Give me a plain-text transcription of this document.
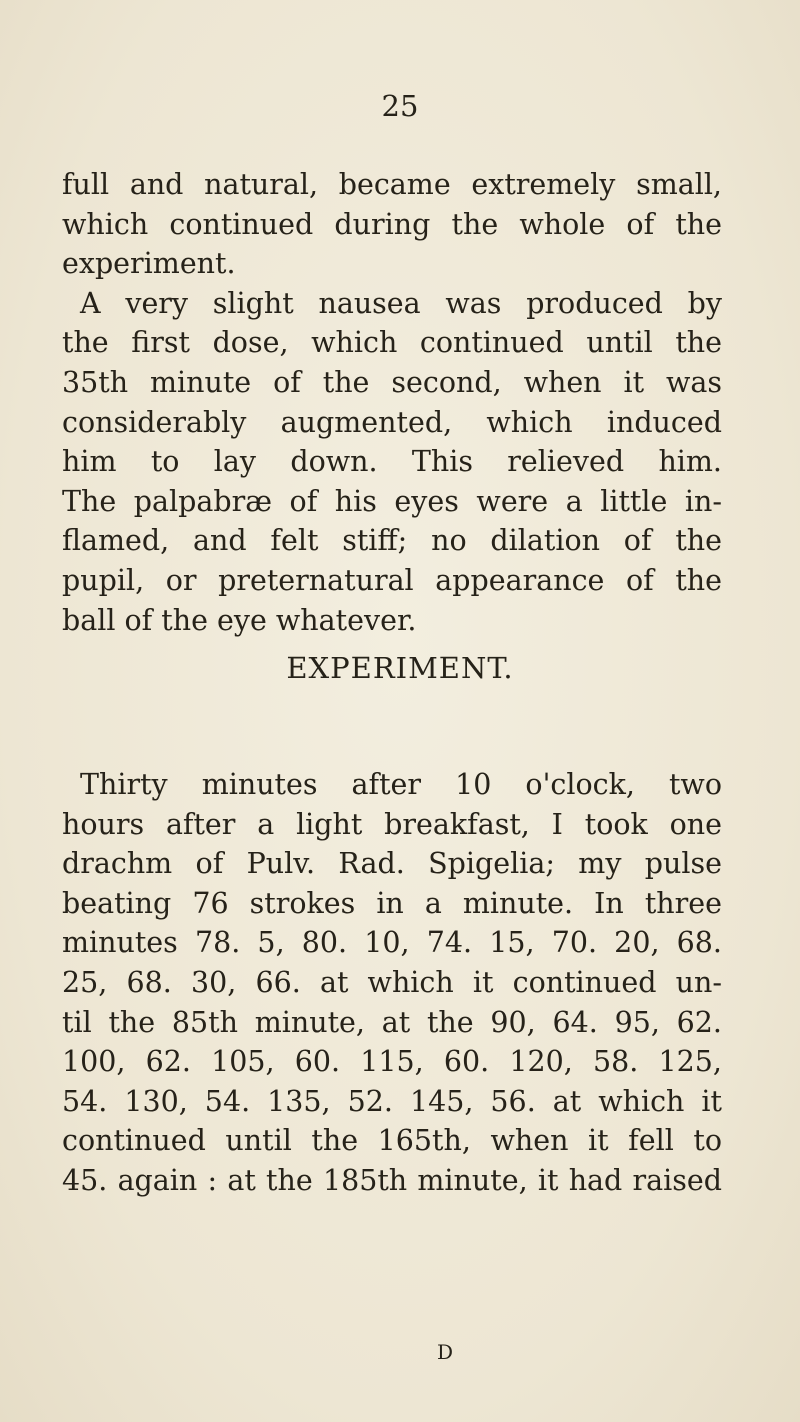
25
full and natural, became extremely small,
which continued during the whole of the
experiment.
A very slight nausea was produced by
the first dose, which continued until the
35th minute of the second, when it was
considerably augmented, which induced
him to lay down. This relieved him.
The palpabræ of his eyes were a little in-
flamed, and felt stiff; no dilation of the
pupil, or preternatural appearance of the
ball of the eye whatever.
EXPERIMENT.
Thirty minutes after 10 o'clock, two
hours after a light breakfast, I took one
drachm of Pulv. Rad. Spigelia; my pulse
beating 76 strokes in a minute. In three
minutes 78. 5, 80. 10, 74. 15, 70. 20, 68.
25, 68. 30, 66. at which it continued un-
til the 85th minute, at the 90, 64. 95, 62.
100, 62. 105, 60. 115, 60. 120, 58. 125,
54. 130, 54. 135, 52. 145, 56. at which it
continued until the 165th, when it fell to
45. again : at the 185th minute, it had raised
D
